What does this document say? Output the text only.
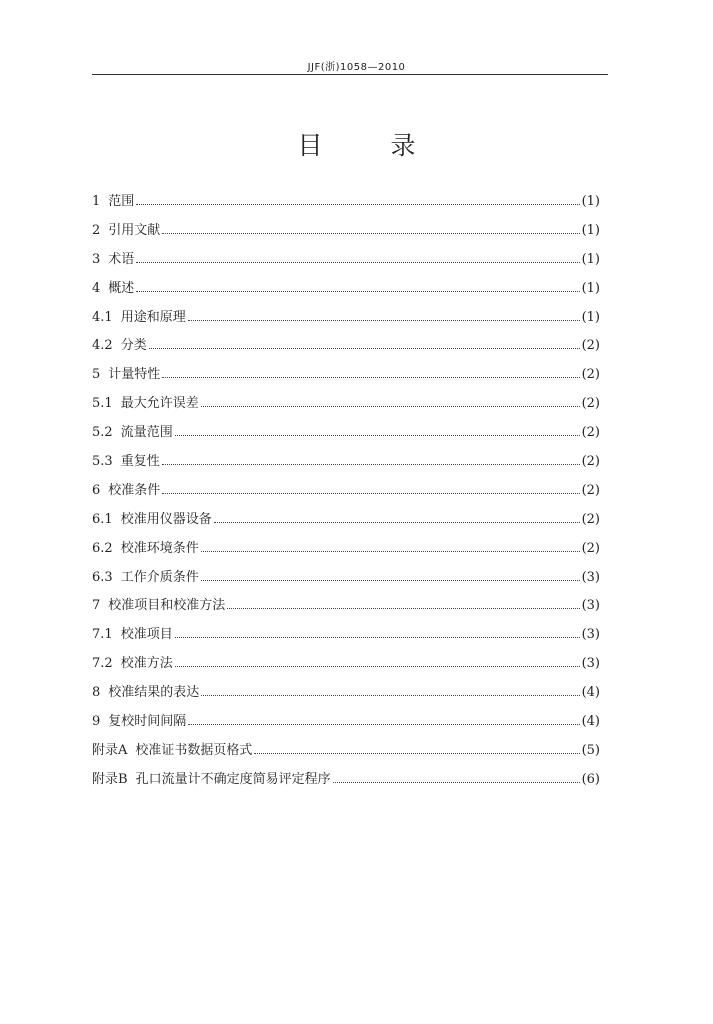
JJF(浙)1058—2010
目 录
1 范围	(1)
2 引用文献	(1)
3 术语	(1)
4 概述	(1)
4.1 用途和原理	(1)
4.2 分类	(2)
5 计量特性	(2)
5.1 最大允许误差	(2)
5.2 流量范围	(2)
5.3 重复性	(2)
6 校准条件	(2)
6.1 校准用仪器设备	(2)
6.2 校准环境条件	(2)
6.3 工作介质条件	(3)
7 校准项目和校准方法	(3)
7.1 校准项目	(3)
7.2 校准方法	(3)
8 校准结果的表达	(4)
9 复校时间间隔	(4)
附录A 校准证书数据页格式	(5)
附录B 孔口流量计不确定度简易评定程序	(6)
